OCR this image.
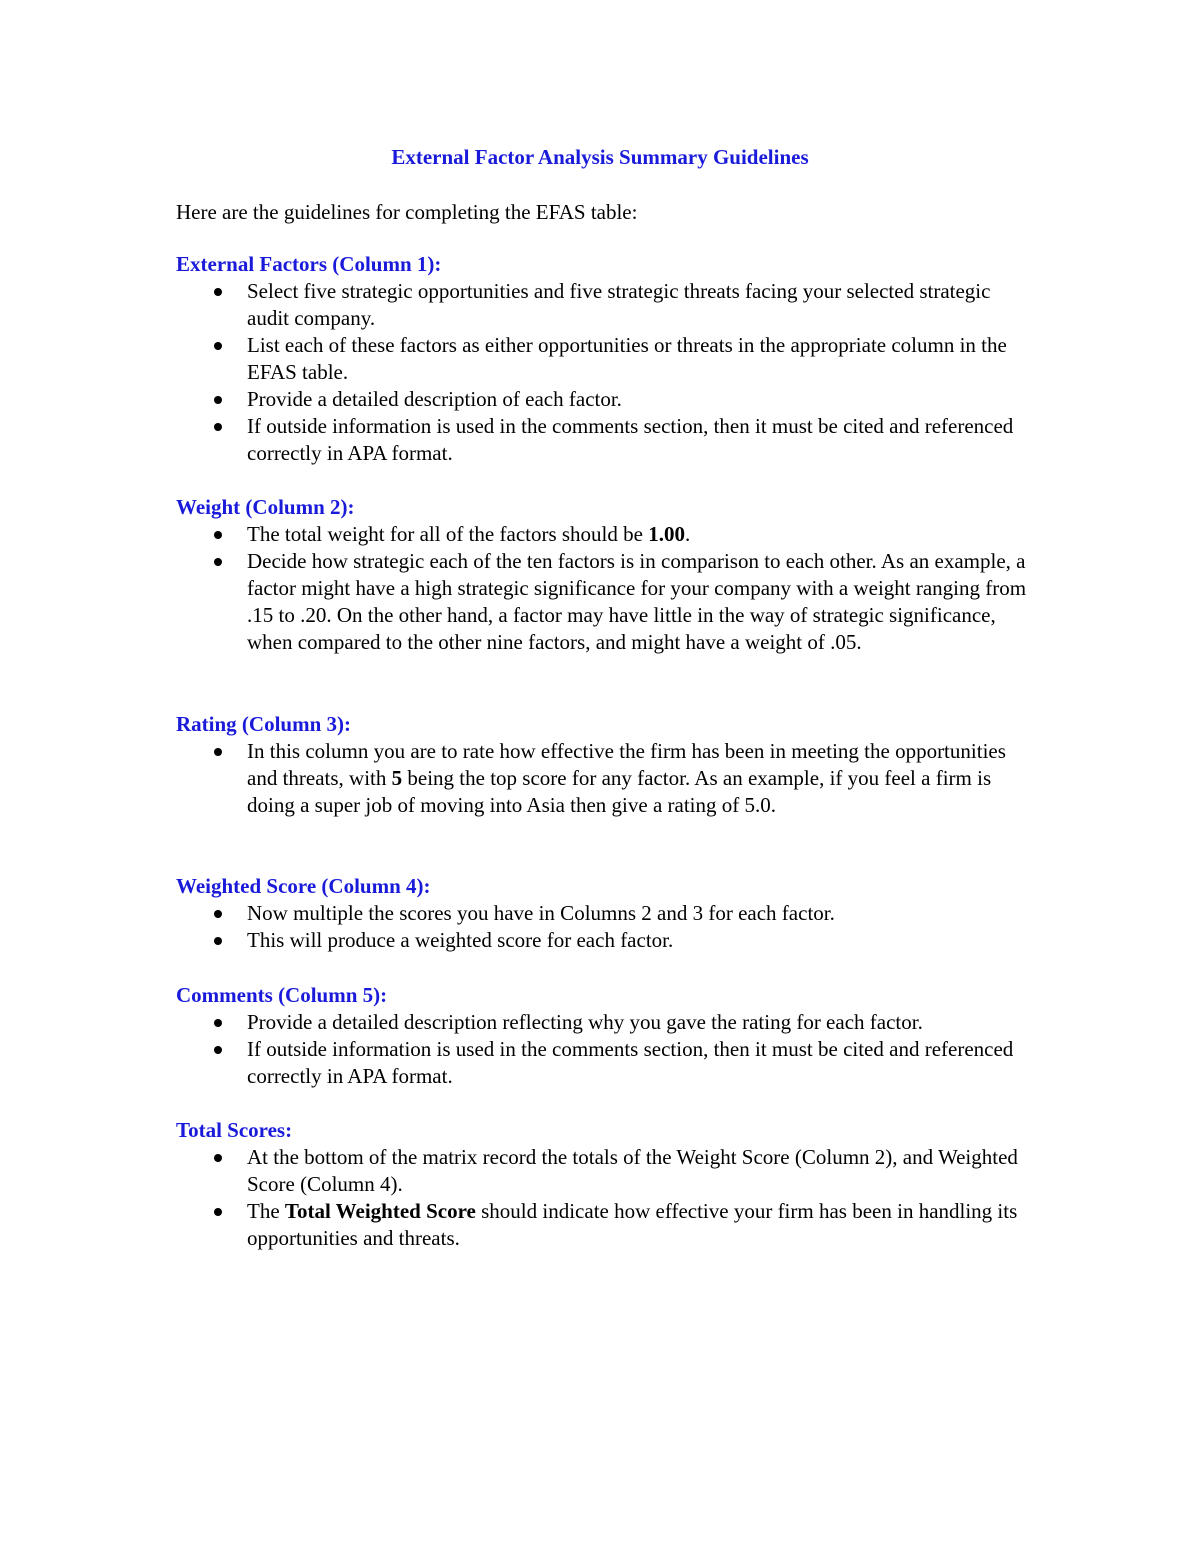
External Factor Analysis Summary Guidelines
Here are the guidelines for completing the EFAS table:
External Factors (Column 1):
Select five strategic opportunities and five strategic threats facing your selected strategic audit company.
List each of these factors as either opportunities or threats in the appropriate column in the EFAS table.
Provide a detailed description of each factor.
If outside information is used in the comments section, then it must be cited and referenced correctly in APA format.
Weight (Column 2):
The total weight for all of the factors should be 1.00.
Decide how strategic each of the ten factors is in comparison to each other. As an example, a factor might have a high strategic significance for your company with a weight ranging from .15 to .20. On the other hand, a factor may have little in the way of strategic significance, when compared to the other nine factors, and might have a weight of .05.
Rating (Column 3):
In this column you are to rate how effective the firm has been in meeting the opportunities and threats, with 5 being the top score for any factor. As an example, if you feel a firm is doing a super job of moving into Asia then give a rating of 5.0.
Weighted Score (Column 4):
Now multiple the scores you have in Columns 2 and 3 for each factor.
This will produce a weighted score for each factor.
Comments (Column 5):
Provide a detailed description reflecting why you gave the rating for each factor.
If outside information is used in the comments section, then it must be cited and referenced correctly in APA format.
Total Scores:
At the bottom of the matrix record the totals of the Weight Score (Column 2), and Weighted Score (Column 4).
The Total Weighted Score should indicate how effective your firm has been in handling its opportunities and threats.
